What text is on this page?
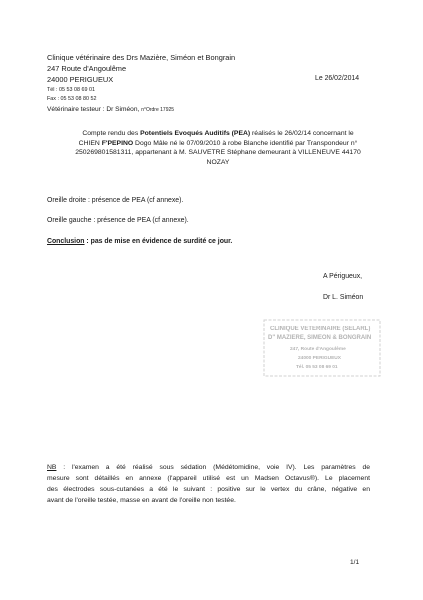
Clinique vétérinaire des Drs Mazière, Siméon et Bongrain
247 Route d'Angoulême
24000 PERIGUEUX
Tél : 05 53 08 69 01
Fax : 05 53 08 80 52
Vétérinaire testeur : Dr Siméon, n°Ordre 17925
Le 26/02/2014
Compte rendu des Potentiels Evoqués Auditifs (PEA) réalisés le 26/02/14 concernant le
CHIEN F'PEPINO Dogo Mâle né le 07/09/2010 à robe Blanche identifié par Transpondeur n°
250269801581311, appartenant à M. SAUVETRE Stéphane demeurant à VILLENEUVE 44170
NOZAY
Oreille droite : présence de PEA (cf annexe).
Oreille gauche : présence de PEA (cf annexe).
Conclusion : pas de mise en évidence de surdité ce jour.
A Périgueux,
Dr L. Siméon
CLINIQUE VETERINAIRE (SELARL)
D" MAZIERE, SIMEON & BONGRAIN
247, Route d'Angoulême
24000 PERIGUEUX
Tél. 05 53 08 69 01
NB : l'examen a été réalisé sous sédation (Médétomidine, voie IV). Les paramètres de
mesure sont détaillés en annexe (l'appareil utilisé est un Madsen Octavus®). Le placement
des électrodes sous-cutanées a été le suivant : positive sur le vertex du crâne, négative en
avant de l'oreille testée, masse en avant de l'oreille non testée.
1/1
